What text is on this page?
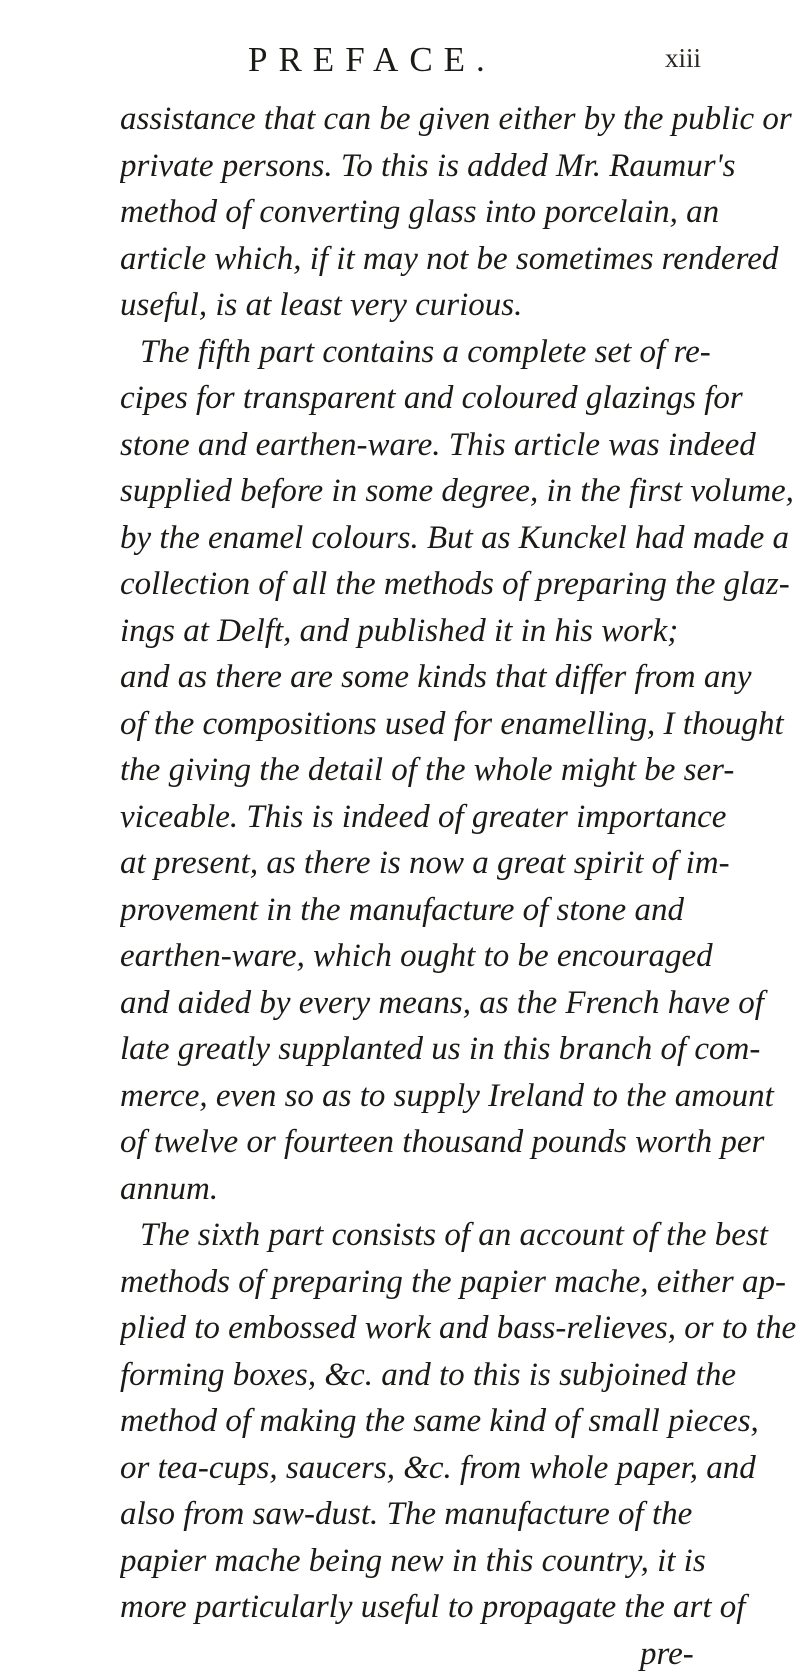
PREFACE.	xiii
assistance that can be given either by the public or
private persons. To this is added Mr. Raumur's
method of converting glass into porcelain, an
article which, if it may not be sometimes rendered
useful, is at least very curious.
The fifth part contains a complete set of re-
cipes for transparent and coloured glazings for
stone and earthen-ware. This article was indeed
supplied before in some degree, in the first volume,
by the enamel colours. But as Kunckel had made a
collection of all the methods of preparing the glaz-
ings at Delft, and published it in his work;
and as there are some kinds that differ from any
of the compositions used for enamelling, I thought
the giving the detail of the whole might be ser-
viceable. This is indeed of greater importance
at present, as there is now a great spirit of im-
provement in the manufacture of stone and
earthen-ware, which ought to be encouraged
and aided by every means, as the French have of
late greatly supplanted us in this branch of com-
merce, even so as to supply Ireland to the amount
of twelve or fourteen thousand pounds worth per
annum.
The sixth part consists of an account of the best
methods of preparing the papier mache, either ap-
plied to embossed work and bass-relieves, or to the
forming boxes, &c. and to this is subjoined the
method of making the same kind of small pieces,
or tea-cups, saucers, &c. from whole paper, and
also from saw-dust. The manufacture of the
papier mache being new in this country, it is
more particularly useful to propagate the art of
pre-
